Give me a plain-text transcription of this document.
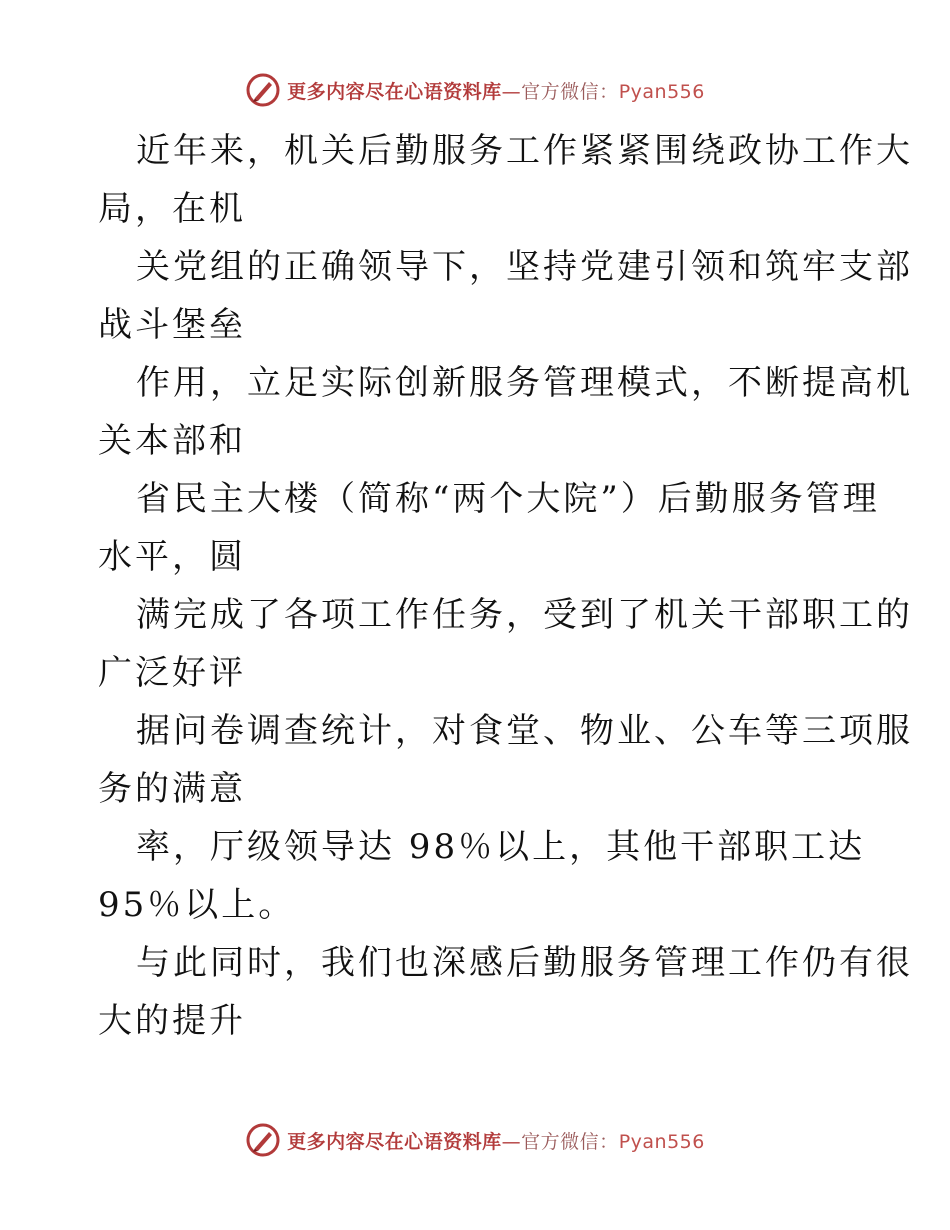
更多内容尽在心语资料库—官方微信：Pyan556
近年来，机关后勤服务工作紧紧围绕政协工作大
局，在机
关党组的正确领导下，坚持党建引领和筑牢支部
战斗堡垒
作用，立足实际创新服务管理模式，不断提高机
关本部和
省民主大楼（简称“两个大院”）后勤服务管理
水平，圆
满完成了各项工作任务，受到了机关干部职工的
广泛好评
据问卷调查统计，对食堂、物业、公车等三项服
务的满意
率，厅级领导达 98％以上，其他干部职工达
95％以上。
与此同时，我们也深感后勤服务管理工作仍有很
大的提升
更多内容尽在心语资料库—官方微信：Pyan556
